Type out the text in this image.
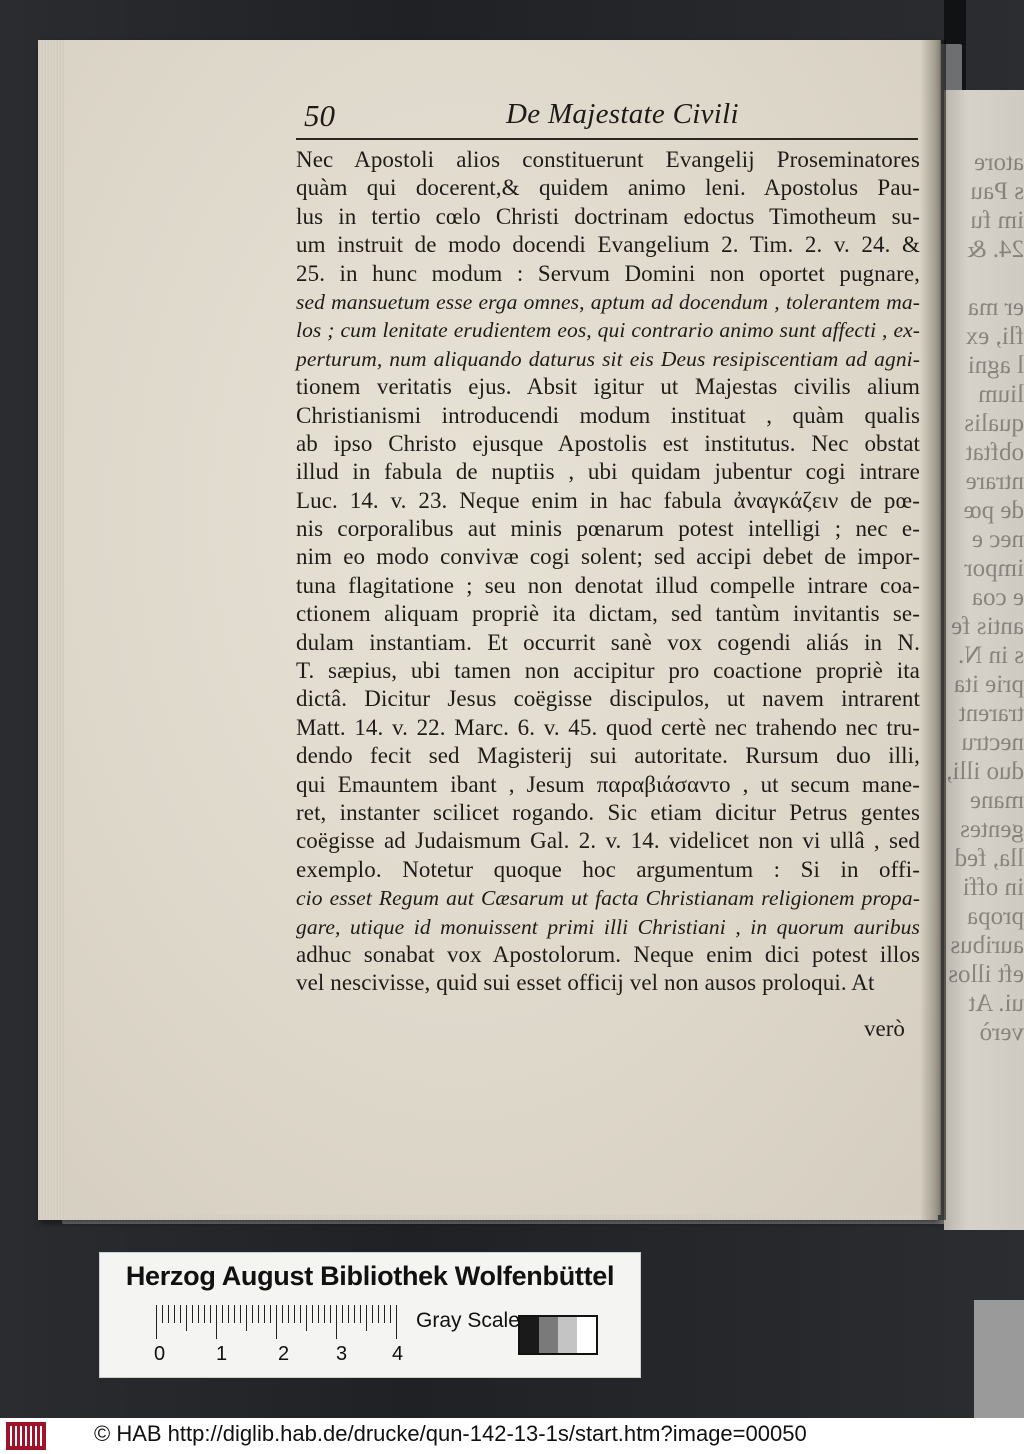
atore
s Pau
im fu
24. &

er ma
fli, ex
l agni
lium
qualis
obftat
ntrare
de pœ
nec e
impor
e coa
antis fe
s in N.
prie ita
trarent
nectru
duo illi,
mane
gentes
lla, fed
in offi
propa
auribus
eft illos
ui. At
verò
50	De Majestate Civili
Nec Apostoli alios constituerunt Evangelij Proseminatores
quàm qui docerent,& quidem animo leni. Apostolus Pau-
lus in tertio cœlo Christi doctrinam edoctus Timotheum su-
um instruit de modo docendi Evangelium 2. Tim. 2. v. 24. &
25. in hunc modum : Servum Domini non oportet pugnare,
sed mansuetum esse erga omnes, aptum ad docendum , tolerantem ma-
los ; cum lenitate erudientem eos, qui contrario animo sunt affecti , ex-
perturum, num aliquando daturus sit eis Deus resipiscentiam ad agni-
tionem veritatis ejus. Absit igitur ut Majestas civilis alium
Christianismi introducendi modum instituat , quàm qualis
ab ipso Christo ejusque Apostolis est institutus. Nec obstat
illud in fabula de nuptiis , ubi quidam jubentur cogi intrare
Luc. 14. v. 23. Neque enim in hac fabula ἀναγκάζειν de pœ-
nis corporalibus aut minis pœnarum potest intelligi ; nec e-
nim eo modo convivæ cogi solent; sed accipi debet de impor-
tuna flagitatione ; seu non denotat illud compelle intrare coa-
ctionem aliquam propriè ita dictam, sed tantùm invitantis se-
dulam instantiam. Et occurrit sanè vox cogendi aliás in N.
T. sæpius, ubi tamen non accipitur pro coactione propriè ita
dictâ. Dicitur Jesus coëgisse discipulos, ut navem intrarent
Matt. 14. v. 22. Marc. 6. v. 45. quod certè nec trahendo nec tru-
dendo fecit sed Magisterij sui autoritate. Rursum duo illi,
qui Emauntem ibant , Jesum παραβιάσαντο , ut secum mane-
ret, instanter scilicet rogando. Sic etiam dicitur Petrus gentes
coëgisse ad Judaismum Gal. 2. v. 14. videlicet non vi ullâ , sed
exemplo. Notetur quoque hoc argumentum : Si in offi-
cio esset Regum aut Cæsarum ut facta Christianam religionem propa-
gare, utique id monuissent primi illi Christiani , in quorum auribus
adhuc sonabat vox Apostolorum. Neque enim dici potest illos
vel nescivisse, quid sui esset officij vel non ausos proloqui. At
verò
Herzog August Bibliothek Wolfenbüttel
0	1	2 3 4
Gray Scale
© HAB http://diglib.hab.de/drucke/qun-142-13-1s/start.htm?image=00050
